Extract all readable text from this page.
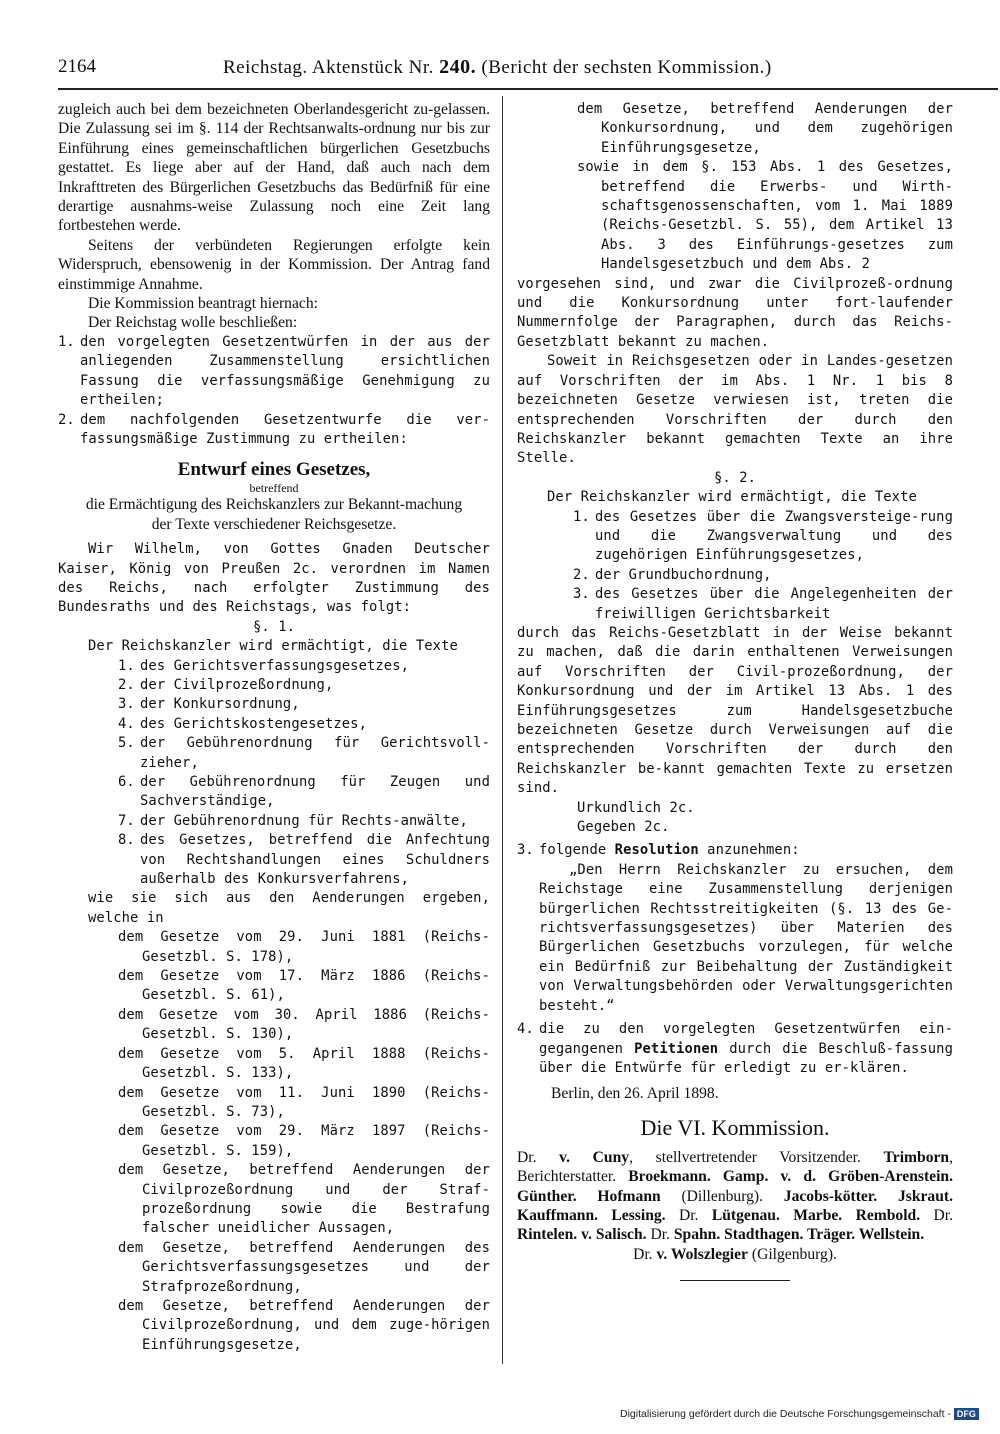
2164	Reichstag. Aktenstück Nr. 240. (Bericht der sechsten Kommission.)

zugleich auch bei dem bezeichneten Oberlandesgericht zu-gelassen. Die Zulassung sei im §. 114 der Rechtsanwalts-ordnung nur bis zur Einführung eines gemeinschaftlichen bürgerlichen Gesetzbuchs gestattet. Es liege aber auf der Hand, daß auch nach dem Inkrafttreten des Bürgerlichen Gesetzbuchs das Bedürfniß für eine derartige ausnahms-weise Zulassung noch eine Zeit lang fortbestehen werde.

Seitens der verbündeten Regierungen erfolgte kein Widerspruch, ebensowenig in der Kommission. Der Antrag fand einstimmige Annahme.

Die Kommission beantragt hiernach:

Der Reichstag wolle beschließen:

1. den vorgelegten Gesetzentwürfen in der aus der anliegenden Zusammenstellung ersichtlichen Fassung die verfassungsmäßige Genehmigung zu ertheilen;
2. dem nachfolgenden Gesetzentwurfe die ver-fassungsmäßige Zustimmung zu ertheilen:
Entwurf eines Gesetzes,
betreffend

die Ermächtigung des Reichskanzlers zur Bekannt-machung der Texte verschiedener Reichsgesetze.

Wir Wilhelm, von Gottes Gnaden Deutscher Kaiser, König von Preußen 2c. verordnen im Namen des Reichs, nach erfolgter Zustimmung des Bundesraths und des Reichstags, was folgt:

§. 1.

Der Reichskanzler wird ermächtigt, die Texte

1. des Gerichtsverfassungsgesetzes,
2. der Civilprozeßordnung,
3. der Konkursordnung,
4. des Gerichtskostengesetzes,
5. der Gebührenordnung für Gerichtsvoll-zieher,
6. der Gebührenordnung für Zeugen und Sachverständige,
7. der Gebührenordnung für Rechts-anwälte,
8. des Gesetzes, betreffend die Anfechtung von Rechtshandlungen eines Schuldners außerhalb des Konkursverfahrens,

wie sie sich aus den Aenderungen ergeben, welche in

dem Gesetze vom 29. Juni 1881 (Reichs-Gesetzbl. S. 178),

dem Gesetze vom 17. März 1886 (Reichs-Gesetzbl. S. 61),

dem Gesetze vom 30. April 1886 (Reichs-Gesetzbl. S. 130),

dem Gesetze vom 5. April 1888 (Reichs-Gesetzbl. S. 133),

dem Gesetze vom 11. Juni 1890 (Reichs-Gesetzbl. S. 73),

dem Gesetze vom 29. März 1897 (Reichs-Gesetzbl. S. 159),

dem Gesetze, betreffend Aenderungen der Civilprozeßordnung und der Straf-prozeßordnung sowie die Bestrafung falscher uneidlicher Aussagen,

dem Gesetze, betreffend Aenderungen des Gerichtsverfassungsgesetzes und der Strafprozeßordnung,

dem Gesetze, betreffend Aenderungen der Civilprozeßordnung, und dem zuge-hörigen Einführungsgesetze,

dem Gesetze, betreffend Aenderungen der Konkursordnung, und dem zugehörigen Einführungsgesetze,

sowie in dem §. 153 Abs. 1 des Gesetzes, betreffend die Erwerbs- und Wirth-schaftsgenossenschaften, vom 1. Mai 1889 (Reichs-Gesetzbl. S. 55), dem Artikel 13 Abs. 3 des Einführungs-gesetzes zum Handelsgesetzbuch und dem Abs. 2

vorgesehen sind, und zwar die Civilprozeß-ordnung und die Konkursordnung unter fort-laufender Nummernfolge der Paragraphen, durch das Reichs-Gesetzblatt bekannt zu machen.

Soweit in Reichsgesetzen oder in Landes-gesetzen auf Vorschriften der im Abs. 1 Nr. 1 bis 8 bezeichneten Gesetze verwiesen ist, treten die entsprechenden Vorschriften der durch den Reichskanzler bekannt gemachten Texte an ihre Stelle.

§. 2.

Der Reichskanzler wird ermächtigt, die Texte

1. des Gesetzes über die Zwangsversteige-rung und die Zwangsverwaltung und des zugehörigen Einführungsgesetzes,
2. der Grundbuchordnung,
3. des Gesetzes über die Angelegenheiten der freiwilligen Gerichtsbarkeit

durch das Reichs-Gesetzblatt in der Weise bekannt zu machen, daß die darin enthaltenen Verweisungen auf Vorschriften der Civil-prozeßordnung, der Konkursordnung und der im Artikel 13 Abs. 1 des Einführungsgesetzes zum Handelsgesetzbuche bezeichneten Gesetze durch Verweisungen auf die entsprechenden Vorschriften der durch den Reichskanzler be-kannt gemachten Texte zu ersetzen sind.

Urkundlich 2c.

Gegeben 2c.

3. folgende Resolution anzunehmen:

„Den Herrn Reichskanzler zu ersuchen, dem Reichstage eine Zusammenstellung derjenigen bürgerlichen Rechtsstreitigkeiten (§. 13 des Ge-richtsverfassungsgesetzes) über Materien des Bürgerlichen Gesetzbuchs vorzulegen, für welche ein Bedürfniß zur Beibehaltung der Zuständigkeit von Verwaltungsbehörden oder Verwaltungsgerichten besteht.“

4. die zu den vorgelegten Gesetzentwürfen ein-gegangenen Petitionen durch die Beschluß-fassung über die Entwürfe für erledigt zu er-klären.

Berlin, den 26. April 1898.

Die VI. Kommission.

Dr. v. Cuny, stellvertretender Vorsitzender. Trimborn, Berichterstatter. Broekmann. Gamp. v. d. Gröben-Arenstein. Günther. Hofmann (Dillenburg). Jacobs-kötter. Jskraut. Kauffmann. Lessing. Dr. Lütgenau. Marbe. Rembold. Dr. Rintelen. v. Salisch. Dr. Spahn. Stadthagen. Träger. Wellstein.

Dr. v. Wolszlegier (Gilgenburg).

Digitalisierung gefördert durch die Deutsche Forschungsgemeinschaft - DFG
